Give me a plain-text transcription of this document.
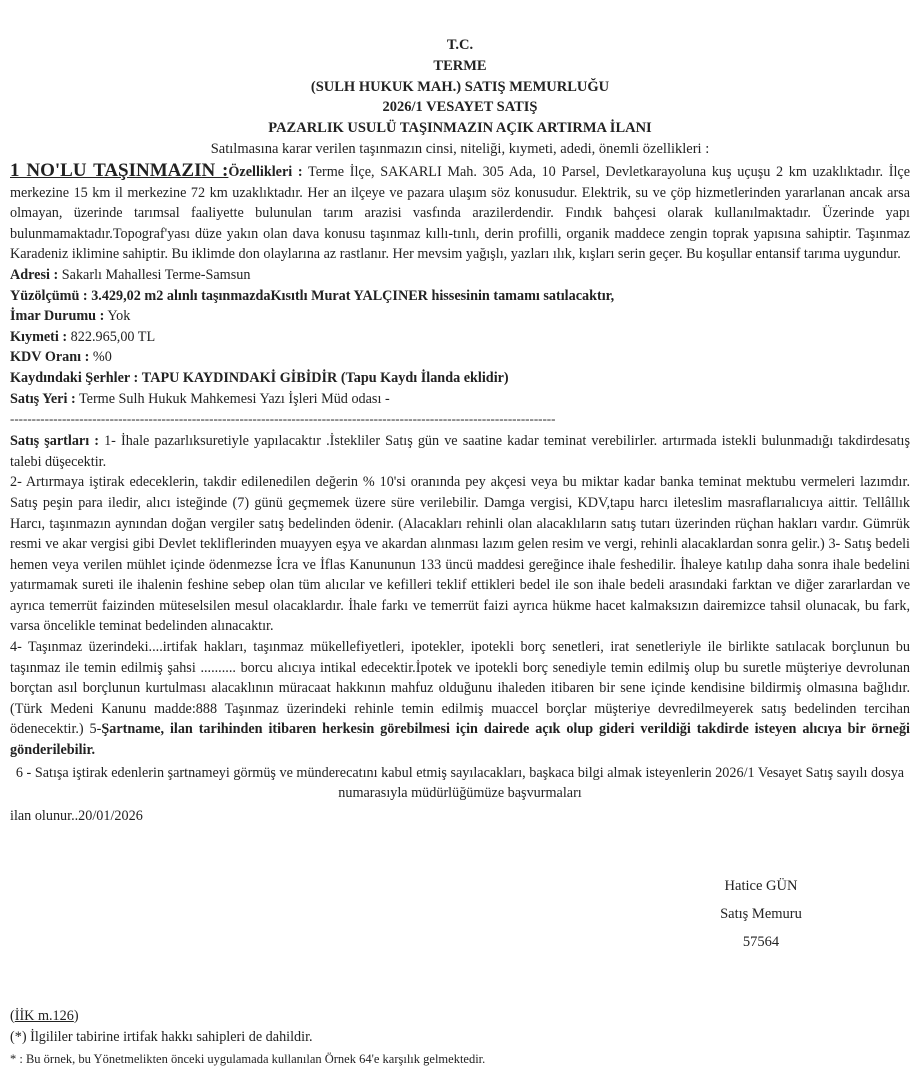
T.C.
TERME
(SULH HUKUK MAH.) SATIŞ MEMURLUĞU
2026/1 VESAYET SATIŞ
PAZARLIK USULÜ TAŞINMAZIN AÇIK ARTIRMA İLANI
Satılmasına karar verilen taşınmazın cinsi, niteliği, kıymeti, adedi, önemli özellikleri :

1 NO'LU TAŞINMAZIN :Özellikleri : Terme İlçe, SAKARLI Mah. 305 Ada, 10 Parsel, Devletkarayoluna kuş uçuşu 2 km uzaklıktadır. İlçe merkezine 15 km il merkezine 72 km uzaklıktadır. Her an ilçeye ve pazara ulaşım söz konusudur. Elektrik, su ve çöp hizmetlerinden yararlanan ancak arsa olmayan, üzerinde tarımsal faaliyette bulunulan tarım arazisi vasfında arazilerdendir. Fındık bahçesi olarak kullanılmaktadır. Üzerinde yapı bulunmamaktadır.Topograf'yası düze yakın olan dava konusu taşınmaz kıllı-tınlı, derin profilli, organik maddece zengin toprak yapısına sahiptir. Taşınmaz Karadeniz iklimine sahiptir. Bu iklimde don olaylarına az rastlanır. Her mevsim yağışlı, yazları ılık, kışları serin geçer. Bu koşullar entansif tarıma uygundur.

Adresi : Sakarlı Mahallesi Terme-Samsun

Yüzölçümü : 3.429,02 m2 alınlı taşınmazdaKısıtlı Murat YALÇINER hissesinin tamamı satılacaktır,

İmar Durumu : Yok

Kıymeti : 822.965,00 TL

KDV Oranı : %0

Kaydındaki Şerhler : TAPU KAYDINDAKİ GİBİDİR (Tapu Kaydı İlanda eklidir)

Satış Yeri : Terme Sulh Hukuk Mahkemesi Yazı İşleri Müd odası -

------------------------------------------------------------------------------------------------------------------------------

Satış şartları : 1- İhale pazarlıksuretiyle yapılacaktır .İstekliler Satış gün ve saatine kadar teminat verebilirler. artırmada istekli bulunmadığı takdirdesatış talebi düşecektir.

2- Artırmaya iştirak edeceklerin, takdir edilenedilen değerin % 10'si oranında pey akçesi veya bu miktar kadar banka teminat mektubu vermeleri lazımdır. Satış peşin para iledir, alıcı isteğinde (7) günü geçmemek üzere süre verilebilir. Damga vergisi, KDV,tapu harcı ileteslim masraflarıalıcıya aittir. Tellâllık Harcı, taşınmazın aynından doğan vergiler satış bedelinden ödenir. (Alacakları rehinli olan alacaklıların satış tutarı üzerinden rüçhan hakları vardır. Gümrük resmi ve akar vergisi gibi Devlet tekliflerinden muayyen eşya ve akardan alınması lazım gelen resim ve vergi, rehinli alacaklardan sonra gelir.) 3- Satış bedeli hemen veya verilen mühlet içinde ödenmezse İcra ve İflas Kanununun 133 üncü maddesi gereğince ihale feshedilir. İhaleye katılıp daha sonra ihale bedelini yatırmamak sureti ile ihalenin feshine sebep olan tüm alıcılar ve kefilleri teklif ettikleri bedel ile son ihale bedeli arasındaki farktan ve diğer zararlardan ve ayrıca temerrüt faizinden müteselsilen mesul olacaklardır. İhale farkı ve temerrüt faizi ayrıca hükme hacet kalmaksızın dairemizce tahsil olunacak, bu fark, varsa öncelikle teminat bedelinden alınacaktır.

4- Taşınmaz üzerindeki....irtifak hakları, taşınmaz mükellefiyetleri, ipotekler, ipotekli borç senetleri, irat senetleriyle ile birlikte satılacak borçlunun bu taşınmaz ile temin edilmiş şahsi .......... borcu alıcıya intikal edecektir.İpotek ve ipotekli borç senediyle temin edilmiş olup bu suretle müşteriye devrolunan borçtan asıl borçlunun kurtulması alacaklının müracaat hakkının mahfuz olduğunu ihaleden itibaren bir sene içinde kendisine bildirmiş olmasına bağlıdır. (Türk Medeni Kanunu madde:888 Taşınmaz üzerindeki rehinle temin edilmiş muaccel borçlar müşteriye devredilmeyerek satış bedelinden tercihan ödenecektir.) 5-Şartname, ilan tarihinden itibaren herkesin görebilmesi için dairede açık olup gideri verildiği takdirde isteyen alıcıya bir örneği gönderilebilir.

6 - Satışa iştirak edenlerin şartnameyi görmüş ve münderecatını kabul etmiş sayılacakları, başkaca bilgi almak isteyenlerin 2026/1 Vesayet Satış sayılı dosya numarasıyla müdürlüğümüze başvurmaları

ilan olunur..20/01/2026

Hatice GÜN
Satış Memuru
57564

(İİK m.126)

(*) İlgililer tabirine irtifak hakkı sahipleri de dahildir.

* : Bu örnek, bu Yönetmelikten önceki uygulamada kullanılan Örnek 64'e karşılık gelmektedir.
